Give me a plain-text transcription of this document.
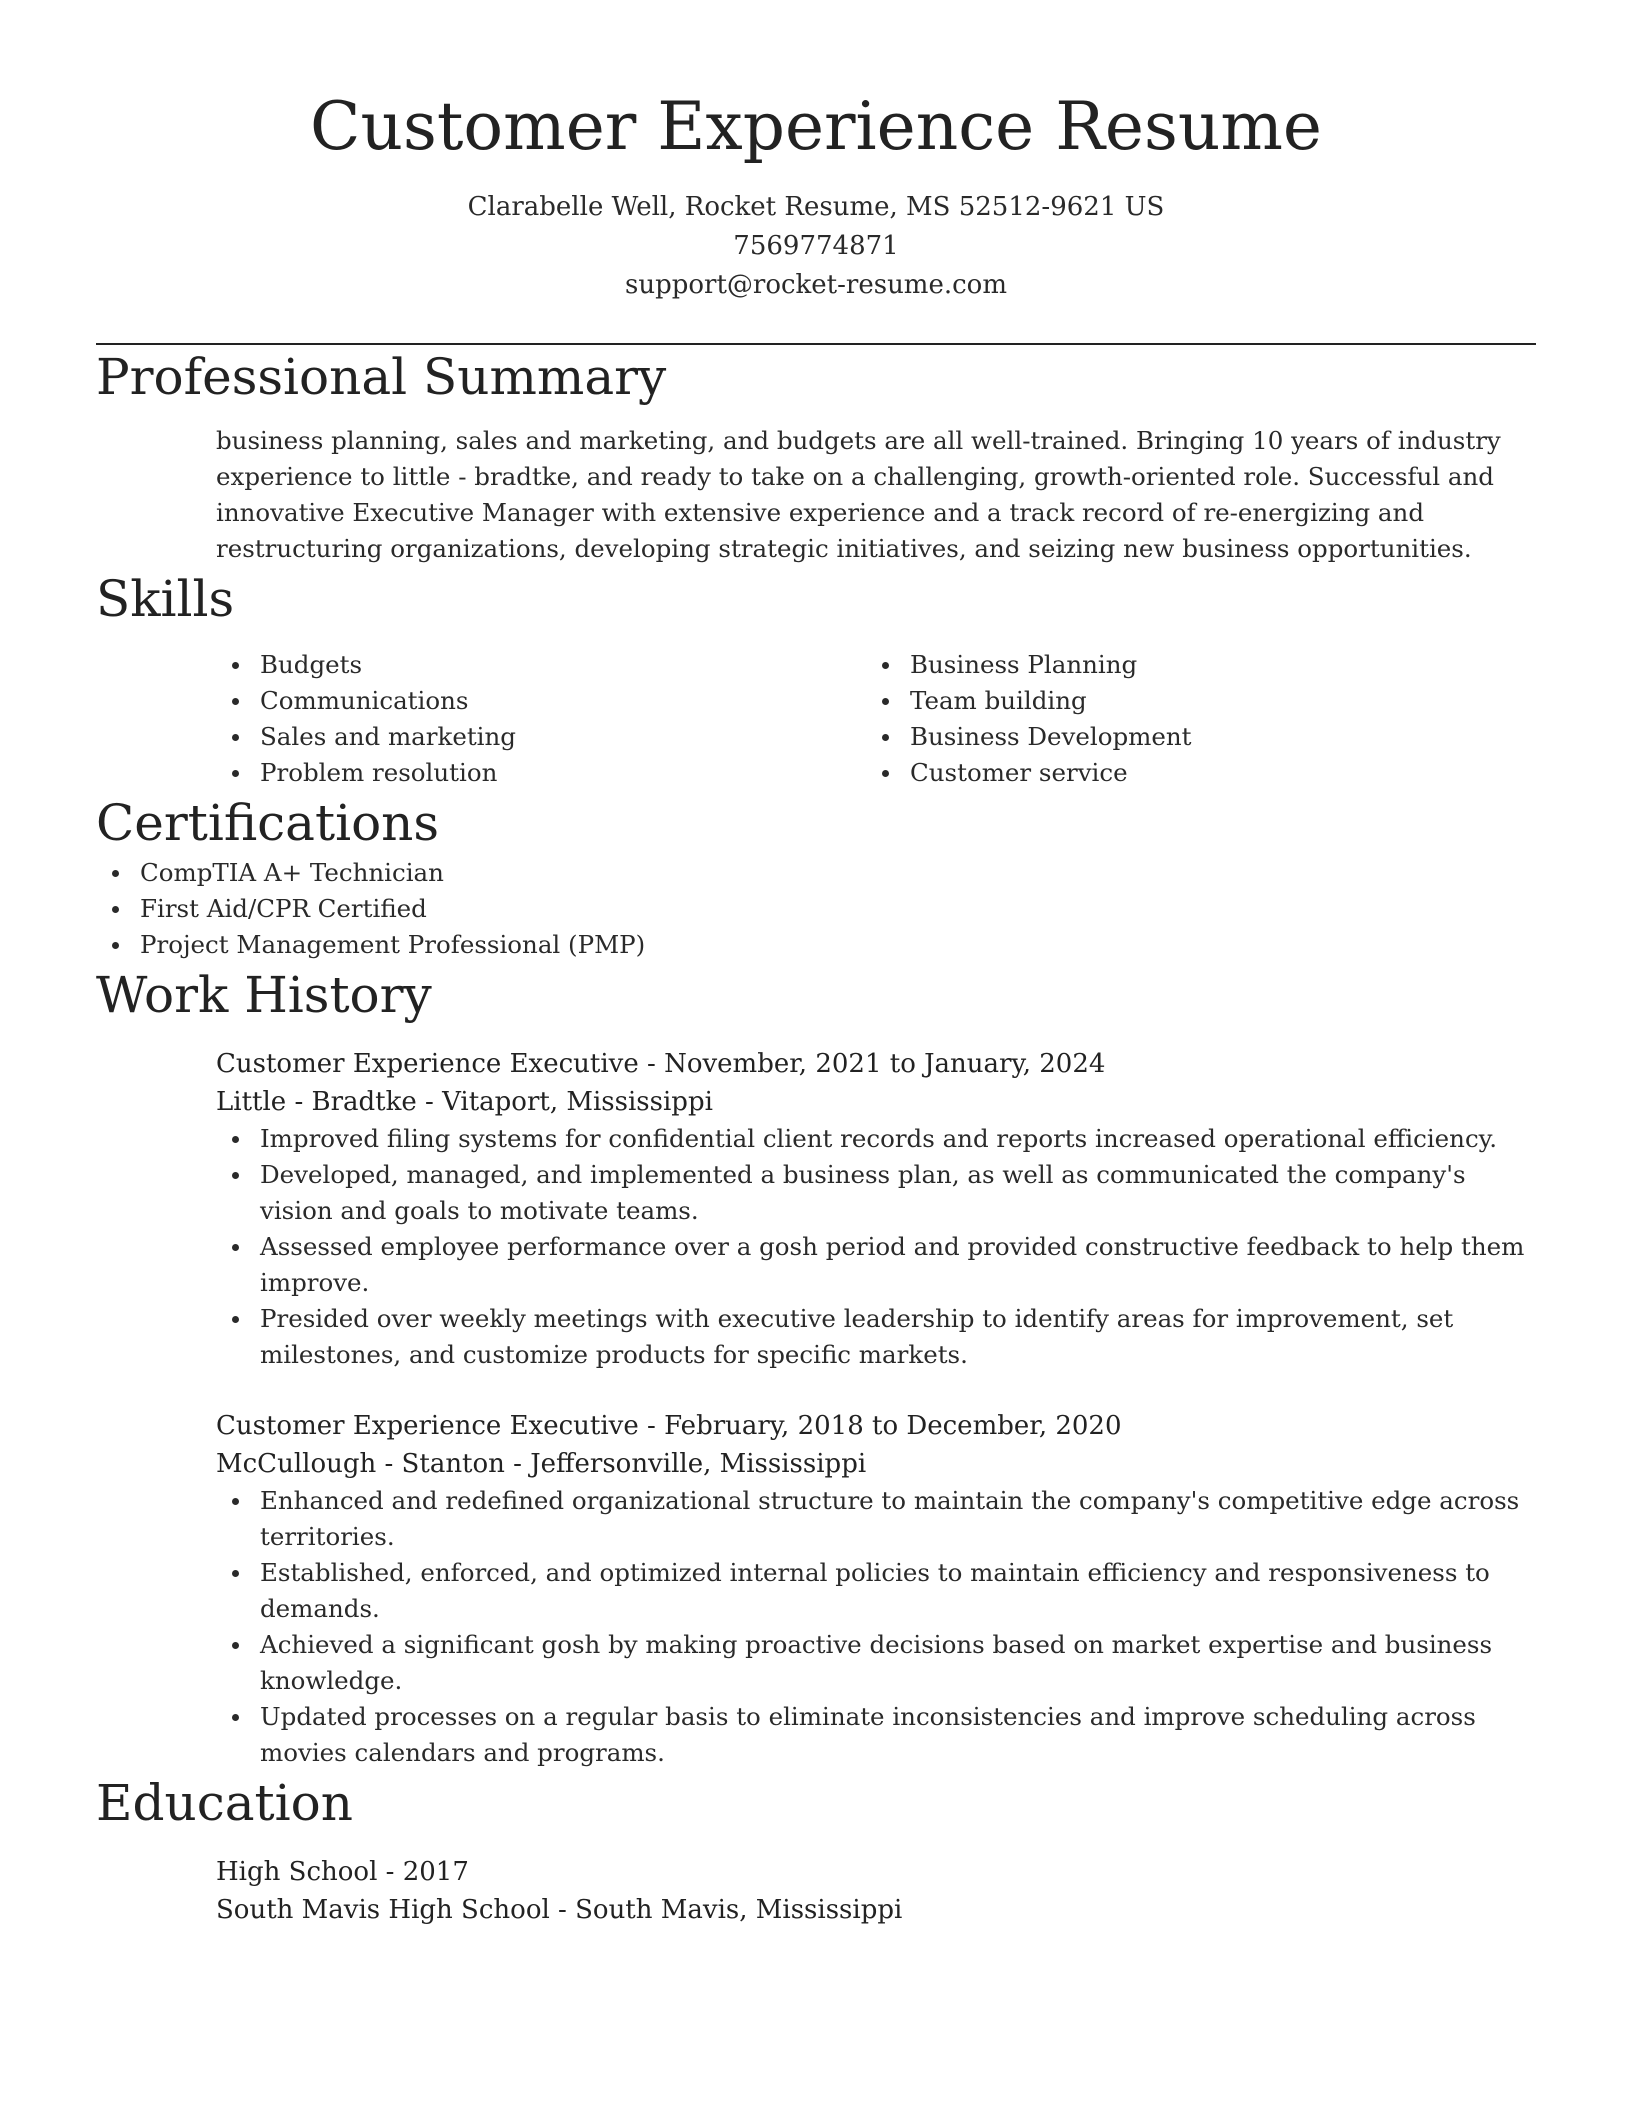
Customer Experience Resume
Clarabelle Well, Rocket Resume, MS 52512-9621 US
7569774871
support@rocket-resume.com
Professional Summary

business planning, sales and marketing, and budgets are all well-trained. Bringing 10 years of industry experience to little - bradtke, and ready to take on a challenging, growth-oriented role. Successful and innovative Executive Manager with extensive experience and a track record of re-energizing and restructuring organizations, developing strategic initiatives, and seizing new business opportunities.

Skills
Budgets
Communications
Sales and marketing
Problem resolution
Business Planning
Team building
Business Development
Customer service
Certifications
CompTIA A+ Technician
First Aid/CPR Certified
Project Management Professional (PMP)
Work History
Customer Experience Executive - November, 2021 to January, 2024
Little - Bradtke - Vitaport, Mississippi
Improved filing systems for confidential client records and reports increased operational efficiency.
Developed, managed, and implemented a business plan, as well as communicated the company's vision and goals to motivate teams.
Assessed employee performance over a gosh period and provided constructive feedback to help them improve.
Presided over weekly meetings with executive leadership to identify areas for improvement, set milestones, and customize products for specific markets.
Customer Experience Executive - February, 2018 to December, 2020
McCullough - Stanton - Jeffersonville, Mississippi
Enhanced and redefined organizational structure to maintain the company's competitive edge across territories.
Established, enforced, and optimized internal policies to maintain efficiency and responsiveness to demands.
Achieved a significant gosh by making proactive decisions based on market expertise and business knowledge.
Updated processes on a regular basis to eliminate inconsistencies and improve scheduling across movies calendars and programs.
Education
High School - 2017
South Mavis High School - South Mavis, Mississippi
